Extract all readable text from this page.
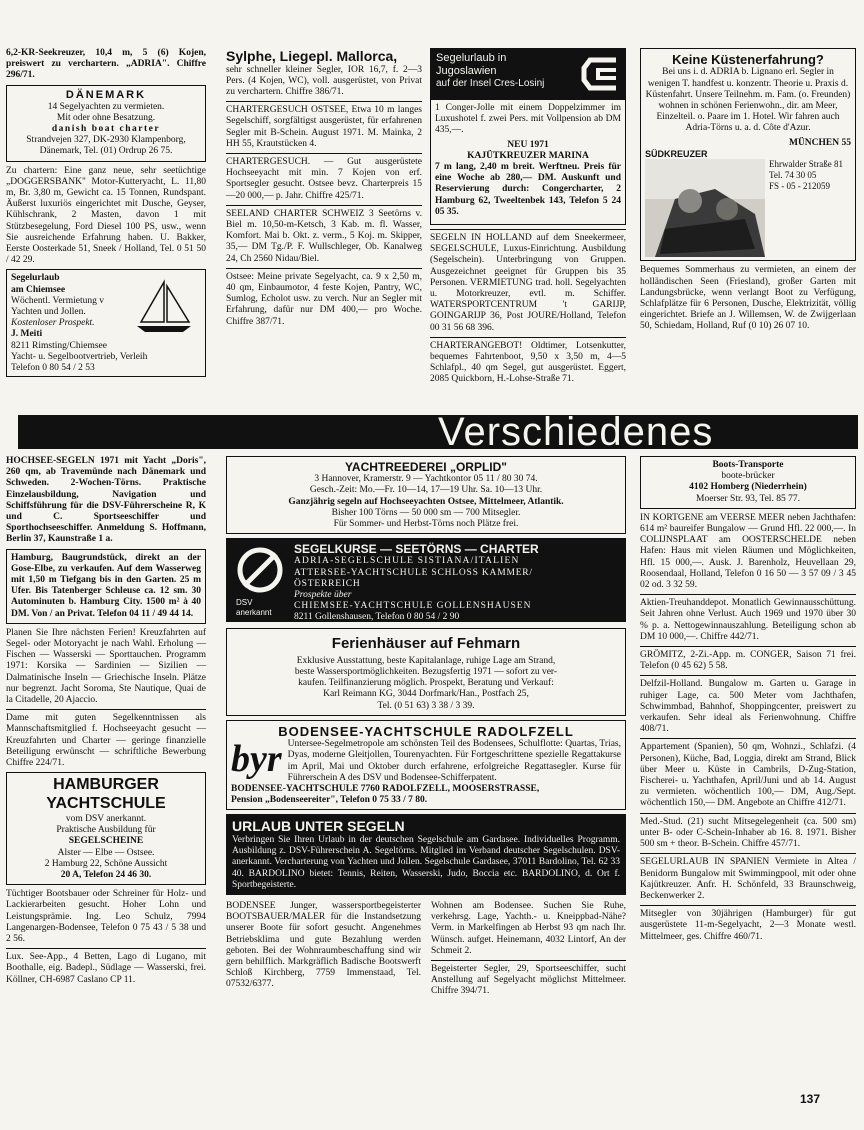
6,2-KR-Seekreuzer, 10,4 m, 5 (6) Kojen, preiswert zu verchartern. „ADRIA". Chiffre 296/71.

DÄNEMARK
14 Segelyachten zu vermieten.
Mit oder ohne Besatzung.
danish boat charter
Strandvejen 327, DK-2930 Klampenborg, Dänemark, Tel. (01) Ordrup 26 75.

Zu chartern: Eine ganz neue, sehr seetüchtige „DOGGERSBANK" Motor-Kutteryacht, L. 11,80 m, Br. 3,80 m, Gewicht ca. 15 Tonnen, Rundspant. Äußerst luxuriös eingerichtet mit Dusche, Geyser, Kühlschrank, 2 Masten, davon 1 mit Stützbesegelung, Ford Diesel 100 PS, usw., wenn Sie ausreichende Erfahrung haben. U. Bakker, Eerste Oosterkade 51, Sneek / Holland, Tel. 0 51 50 / 42 29.

Segelurlaub
am Chiemsee
Wöchentl. Vermietung v
Yachten und Jollen.
Kostenloser Prospekt.
J. Meiti
8211 Rimsting/Chiemsee
Yacht- u. Segelbootvertrieb, Verleih
Telefon 0 80 54 / 2 53
Sylphe, Liegepl. Mallorca,

sehr schneller kleiner Segler, IOR 16,7, f. 2—3 Pers. (4 Kojen, WC), voll. ausgerüstet, von Privat zu verchartern. Chiffre 386/71.

CHARTERGESUCH OSTSEE, Etwa 10 m langes Segelschiff, sorgfältigst ausgerüstet, für erfahrenen Segler mit B-Schein. August 1971. M. Mainka, 2 HH 55, Krautstücken 4.

CHARTERGESUCH. — Gut ausgerüstete Hochseeyacht mit min. 7 Kojen von erf. Sportsegler gesucht. Ostsee bevz. Charterpreis 15—20 000,— p. Jahr. Chiffre 425/71.

SEELAND CHARTER SCHWEIZ 3 Seetörns v. Biel m. 10,50-m-Ketsch, 3 Kab. m. fl. Wasser, Komfort. Mai b. Okt. z. verm., 5 Koj. m. Skipper, 35,— DM Tg./P. F. Wullschleger, Ob. Kanalweg 24, Ch 2560 Nidau/Biel.

Ostsee: Meine private Segelyacht, ca. 9 x 2,50 m, 40 qm, Einbaumotor, 4 feste Kojen, Pantry, WC, Sumlog, Echolot usw. zu verch. Nur an Segler mit Erfahrung, dafür nur DM 400,— pro Woche. Chiffre 387/71.

Segelurlaub in
Jugoslawien
auf der Insel Cres-Losinj

1 Conger-Jolle mit einem Doppelzimmer im Luxushotel f. zwei Pers. mit Vollpension ab DM 435,—.

NEU 1971
KAJÜTKREUZER MARINA

7 m lang, 2,40 m breit. Werftneu. Preis für eine Woche ab 280,— DM. Auskunft und Reservierung durch: Congercharter, 2 Hamburg 62, Tweeltenbek 143, Telefon 5 24 05 35.

SEGELN IN HOLLAND auf dem Sneekermeer, SEGELSCHULE, Luxus-Einrichtung. Ausbildung (Segelschein). Unterbringung von Gruppen. Ausgezeichnet geeignet für Gruppen bis 35 Personen. VERMIETUNG trad. holl. Segelyachten u. Motorkreuzer, evtl. m. Schiffer. WATERSPORTCENTRUM 't GARIJP, GOINGARIJP 36, Post JOURE/Holland, Telefon 00 31 56 68 396.

CHARTERANGEBOT! Oldtimer, Lotsenkutter, bequemes Fahrtenboot, 9,50 x 3,50 m, 4—5 Schlafpl., 40 qm Segel, gut ausgerüstet. Eggert, 2085 Quickborn, H.-Lohse-Straße 71.

Keine Küstenerfahrung?

Bei uns i. d. ADRIA b. Lignano erl. Segler in wenigen T. handfest u. konzentr. Theorie u. Praxis d. Küstenfahrt. Unsere Teilnehm. m. Fam. (o. Freunden) wohnen in schönen Ferienwohn., dir. am Meer, Einzelteil. o. Paare im 1. Hotel. Wir fahren auch Adria-Törns u. a. d. Côte d'Azur.

MÜNCHEN 55
SÜDKREUZER
Ehrwalder Straße 81
Tel. 74 30 05
FS - 05 - 212059

Bequemes Sommerhaus zu vermieten, an einem der holländischen Seen (Friesland), großer Garten mit Landungsbrücke, wenn verlangt Boot zu Verfügung, Schlafplätze für 6 Personen, Dusche, Elektrizität, völlig eingerichtet. Briefe an J. Willemsen, W. de Zwijgerlaan 50, Schiedam, Holland, Ruf (0 10) 26 07 10.

Verschiedenes

HOCHSEE-SEGELN 1971 mit Yacht „Doris", 260 qm, ab Travemünde nach Dänemark und Schweden. 2-Wochen-Törns. Praktische Einzelausbildung, Navigation und Schiffsführung für die DSV-Führerscheine R, K und C. Sportseeschiffer und Sporthochseeschiffer. Anmeldung S. Hoffmann, Berlin 37, Kaunstraße 1 a.

Hamburg, Baugrundstück, direkt an der Gose-Elbe, zu verkaufen. Auf dem Wasserweg mit 1,50 m Tiefgang bis in den Garten. 25 m Ufer. Bis Tatenberger Schleuse ca. 12 sm. 30 Autominuten b. Hamburg City. 1500 m² à 40 DM. Von / an Privat. Telefon 04 11 / 49 44 14.

Planen Sie Ihre nächsten Ferien! Kreuzfahrten auf Segel- oder Motoryacht je nach Wahl. Erholung — Fischen — Wasserski — Sporttauchen. Programm 1971: Korsika — Sardinien — Sizilien — Dalmatinische Inseln — Griechische Inseln. Plätze nur begrenzt. Jacht Soroma, Ste Nautique, Quai de la Citadelle, 20 Ajaccio.

Dame mit guten Segelkenntnissen als Mannschaftsmitglied f. Hochseeyacht gesucht — Kreuzfahrten und Charter — geringe finanzielle Beteiligung erwünscht — schriftliche Bewerbung Chiffre 224/71.

HAMBURGER
YACHTSCHULE
vom DSV anerkannt.
Praktische Ausbildung für
SEGELSCHEINE
Alster — Elbe — Ostsee.
2 Hamburg 22, Schöne Aussicht
20 A, Telefon 24 46 30.

Tüchtiger Bootsbauer oder Schreiner für Holz- und Lackierarbeiten gesucht. Hoher Lohn und Leistungsprämie. Ing. Leo Schulz, 7994 Langenargen-Bodensee, Telefon 0 75 43 / 5 38 und 2 56.

Lux. See-App., 4 Betten, Lago di Lugano, mit Boothalle, eig. Badepl., Südlage — Wasserski, frei. Köllner, CH-6987 Caslano CP 11.

YACHTREEDEREI „ORPLID"
3 Hannover, Kramerstr. 9 — Yachtkontor 05 11 / 80 30 74.
Gesch.-Zeit: Mo.—Fr. 10—14, 17—19 Uhr. Sa. 10—13 Uhr.
Ganzjährig segeln auf Hochseeyachten Ostsee, Mittelmeer, Atlantik.
Bisher 100 Törns — 50 000 sm — 700 Mitsegler.
Für Sommer- und Herbst-Törns noch Plätze frei.
DSV
anerkannt
SEGELKURSE — SEETÖRNS — CHARTER
ADRIA-SEGELSCHULE SISTIANA/ITALIEN
ATTERSEE-YACHTSCHULE SCHLOSS KAMMER/
ÖSTERREICH
Prospekte über
CHIEMSEE-YACHTSCHULE GOLLENSHAUSEN
8211 Gollenshausen, Telefon 0 80 54 / 2 90
Ferienhäuser auf Fehmarn
Exklusive Ausstattung, beste Kapitalanlage, ruhige Lage am Strand,
beste Wassersportmöglichkeiten. Bezugsfertig 1971 — sofort zu ver-
kaufen. Teilfinanzierung möglich. Prospekt, Beratung und Verkauf:
Karl Reimann KG, 3044 Dorfmark/Han., Postfach 25,
Tel. (0 51 63) 3 38 / 3 39.
BODENSEE-YACHTSCHULE RADOLFZELL
byr Untersee-Segelmetropole am schönsten Teil des Bodensees, Schulflotte: Quartas, Trias, Dyas, moderne Gleitjollen, Tourenyachten. Für Fortgeschrittene spezielle Regattakurse im April, Mai und Oktober durch erfahrene, erfolgreiche Regattasegler. Kurse für Führerschein A des DSV und Bodensee-Schifferpatent.

BODENSEE-YACHTSCHULE 7760 RADOLFZELL, MOOSERSTRASSE,
Pension „Bodenseereiter", Telefon 0 75 33 / 7 80.
URLAUB UNTER SEGELN

Verbringen Sie Ihren Urlaub in der deutschen Segelschule am Gardasee. Individuelles Programm. Ausbildung z. DSV-Führerschein A. Segeltörns. Mitglied im Verband deutscher Segelschulen. DSV-anerkannt. Vercharterung von Yachten und Jollen. Segelschule Gardasee, 37011 Bardolino, Tel. 62 33 40. BARDOLINO bietet: Tennis, Reiten, Wasserski, Judo, Boccia etc. BARDOLINO, d. Ort f. Sportbegeisterte.

BODENSEE Junger, wassersportbegeisterter BOOTSBAUER/MALER für die Instandsetzung unserer Boote für sofort gesucht. Angenehmes Betriebsklima und gute Bezahlung werden geboten. Bei der Wohnraumbeschaffung sind wir gern behilflich. Markgräflich Badische Bootswerft Schloß Kirchberg, 7759 Immenstaad, Tel. 07532/6377.

Wohnen am Bodensee. Suchen Sie Ruhe, verkehrsg. Lage, Yachth.- u. Kneippbad-Nähe? Verm. in Markelfingen ab Herbst 93 qm nach Ihr. Wünsch. aufget. Heinemann, 4032 Lintorf, An der Schmeit 2.

Begeisterter Segler, 29, Sportseeschiffer, sucht Anstellung auf Segelyacht möglichst Mittelmeer. Chiffre 394/71.

Boots-Transporte
boote-brücker
4102 Homberg (Niederrhein)
Moerser Str. 93, Tel. 85 77.

IN KORTGENE am VEERSE MEER neben Jachthafen: 614 m² baureifer Bungalow — Grund Hfl. 22 000,—. In COLIJNSPLAAT am OOSTERSCHELDE neben Hafen: Haus mit vielen Räumen und Möglichkeiten, Hfl. 15 000,—. Ausk. J. Barenholz, Heuvellaan 29, Roosendaal, Holland, Telefon 0 16 50 — 3 57 09 / 3 45 02 od. 3 32 59.

Aktien-Treuhanddepot. Monatlich Gewinnausschüttung. Seit Jahren ohne Verlust. Auch 1969 und 1970 über 30 % p. a. Nettogewinnauszahlung. Beteiligung schon ab DM 10 000,—. Chiffre 442/71.

GRÖMITZ, 2-Zi.-App. m. CONGER, Saison 71 frei. Telefon (0 45 62) 5 58.

Delfzil-Holland. Bungalow m. Garten u. Garage in ruhiger Lage, ca. 500 Meter vom Jachthafen, Schwimmbad, Bahnhof, Shoppingcenter, preiswert zu verkaufen. Sehr ideal als Ferienwohnung. Chiffre 408/71.

Appartement (Spanien), 50 qm, Wohnzi., Schlafzi. (4 Personen), Küche, Bad, Loggia, direkt am Strand, Blick über Meer u. Küste in Cambrils, D-Zug-Station, Fischerei- u. Yachthafen, April/Juni und ab 14. August zu vermieten. wöchentlich 100,— DM, Aug./Sept. wöchentlich 150,— DM. Angebote an Chiffre 412/71.

Med.-Stud. (21) sucht Mitsegelegenheit (ca. 500 sm) unter B- oder C-Schein-Inhaber ab 16. 8. 1971. Bisher 500 sm + theor. B-Schein. Chiffre 457/71.

SEGELURLAUB IN SPANIEN Vermiete in Altea / Benidorm Bungalow mit Swimmingpool, mit oder ohne Kajütkreuzer. Anfr. H. Schönfeld, 33 Braunschweig, Beckenwerker 2.

Mitsegler von 30jährigen (Hamburger) für gut ausgerüstete 11-m-Segelyacht, 2—3 Monate westl. Mittelmeer, ges. Chiffre 460/71.

137
